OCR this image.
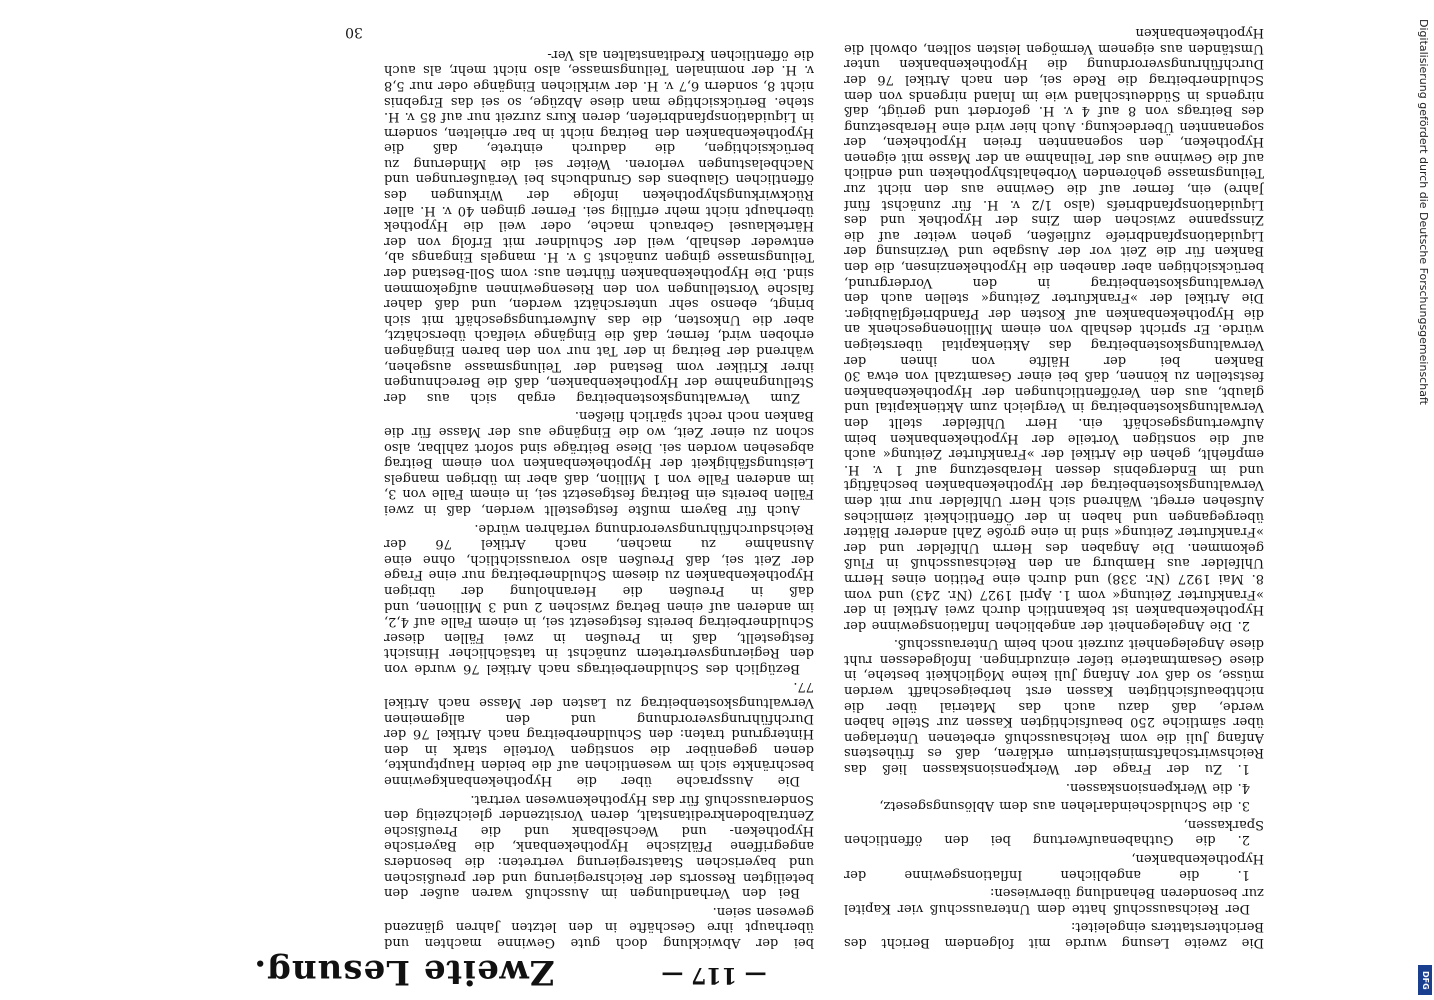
— 117 —
Zweite Lesung.

Die zweite Lesung wurde mit folgendem Bericht des Berichterstatters eingeleitet:

Der Reichsausschuß hatte dem Unterausschuß vier Kapitel zur besonderen Behandlung überwiesen:

1. die angeblichen Inflationsgewinne der Hypothekenbanken,

2. die Guthabenaufwertung bei den öffentlichen Sparkassen,

3. die Schuldscheindarlehen aus dem Ablösungsgesetz,

4. die Werkpensionskassen.

1. Zu der Frage der Werkpensionskassen ließ das Reichswirtschaftsministerium erklären, daß es frühestens Anfang Juli die vom Reichsausschuß erbetenen Unterlagen über sämtliche 250 beaufsichtigten Kassen zur Stelle haben werde, daß dazu auch das Material über die nichtbeaufsichtigten Kassen erst herbeigeschafft werden müsse, so daß vor Anfang Juli keine Möglichkeit bestehe, in diese Gesamtmaterie tiefer einzudringen. Infolgedessen ruht diese Angelegenheit zurzeit noch beim Unterausschuß.

2. Die Angelegenheit der angeblichen Inflationsgewinne der Hypothekenbanken ist bekanntlich durch zwei Artikel in der »Frankfurter Zeitung« vom 1. April 1927 (Nr. 243) und vom 8. Mai 1927 (Nr. 338) und durch eine Petition eines Herrn Uhlfelder aus Hamburg an den Reichsausschuß in Fluß gekommen. Die Angaben des Herrn Uhlfelder und der »Frankfurter Zeitung« sind in eine große Zahl anderer Blätter übergegangen und haben in der Öffentlichkeit ziemliches Aufsehen erregt. Während sich Herr Uhlfelder nur mit dem Verwaltungskostenbeitrag der Hypothekenbanken beschäftigt und im Endergebnis dessen Herabsetzung auf 1 v. H. empfiehlt, gehen die Artikel der »Frankfurter Zeitung« auch auf die sonstigen Vorteile der Hypothekenbanken beim Aufwertungsgeschäft ein. Herr Uhlfelder stellt den Verwaltungskostenbeitrag in Vergleich zum Aktienkapital und glaubt, aus den Veröffentlichungen der Hypothekenbanken feststellen zu können, daß bei einer Gesamtzahl von etwa 30 Banken bei der Hälfte von ihnen der Verwaltungskostenbeitrag das Aktienkapital übersteigen würde. Er spricht deshalb von einem Millionengeschenk an die Hypothekenbanken auf Kosten der Pfandbriefgläubiger. Die Artikel der »Frankfurter Zeitung« stellen auch den Verwaltungskostenbeitrag in den Vordergrund, berücksichtigen aber daneben die Hypothekenzinsen, die den Banken für die Zeit vor der Ausgabe und Verzinsung der Liquidationspfandbriefe zufließen, gehen weiter auf die Zinsspanne zwischen dem Zins der Hypothek und des Liquidationspfandbriefs (also 1/2 v. H. für zunächst fünf Jahre) ein, ferner auf die Gewinne aus den nicht zur Teilungsmasse gehörenden Vorbehaltshypotheken und endlich auf die Gewinne aus der Teilnahme an der Masse mit eigenen Hypotheken, den sogenannten freien Hypotheken, der sogenannten Überdeckung. Auch hier wird eine Herabsetzung des Beitrags von 8 auf 4 v. H. gefordert und gerügt, daß nirgends in Süddeutschland wie im Inland nirgends von dem Schuldnerbeitrag die Rede sei, den nach Artikel 76 der Durchführungsverordnung die Hypothekenbanken unter Umständen aus eigenem Vermögen leisten sollten, obwohl die Hypothekenbanken

bei der Abwicklung doch gute Gewinne machten und überhaupt ihre Geschäfte in den letzten Jahren glänzend gewesen seien.

Bei den Verhandlungen im Ausschuß waren außer den beteiligten Ressorts der Reichsregierung und der preußischen und bayerischen Staatsregierung vertreten: die besonders angegriffene Pfälzische Hypothekenbank, die Bayerische Hypotheken- und Wechselbank und die Preußische Zentralbodenkreditanstalt, deren Vorsitzender gleichzeitig den Sonderausschuß für das Hypothekenwesen vertrat.

Die Aussprache über die Hypothekenbankgewinne beschränkte sich im wesentlichen auf die beiden Hauptpunkte, denen gegenüber die sonstigen Vorteile stark in den Hintergrund traten: den Schuldnerbeitrag nach Artikel 76 der Durchführungsverordnung und den allgemeinen Verwaltungskostenbeitrag zu Lasten der Masse nach Artikel 77.

Bezüglich des Schuldnerbeitrags nach Artikel 76 wurde von den Regierungsvertretern zunächst in tatsächlicher Hinsicht festgestellt, daß in Preußen in zwei Fällen dieser Schuldnerbeitrag bereits festgesetzt sei, in einem Falle auf 4,2, im anderen auf einen Betrag zwischen 2 und 3 Millionen, und daß in Preußen die Heranholung der übrigen Hypothekenbanken zu diesem Schuldnerbeitrag nur eine Frage der Zeit sei, daß Preußen also voraussichtlich, ohne eine Ausnahme zu machen, nach Artikel 76 der Reichsdurchführungsverordnung verfahren würde.

Auch für Bayern mußte festgestellt werden, daß in zwei Fällen bereits ein Beitrag festgesetzt sei, in einem Falle von 3, im anderen Falle von 1 Million, daß aber im übrigen mangels Leistungsfähigkeit der Hypothekenbanken von einem Beitrag abgesehen worden sei. Diese Beiträge sind sofort zahlbar, also schon zu einer Zeit, wo die Eingänge aus der Masse für die Banken noch recht spärlich fließen.

Zum Verwaltungskostenbeitrag ergab sich aus der Stellungnahme der Hypothekenbanken, daß die Berechnungen ihrer Kritiker vom Bestand der Teilungsmasse ausgehen, während der Beitrag in der Tat nur von den baren Eingängen erhoben wird, ferner, daß die Eingänge vielfach überschätzt, aber die Unkosten, die das Aufwertungsgeschäft mit sich bringt, ebenso sehr unterschätzt werden, und daß daher falsche Vorstellungen von den Riesengewinnen aufgekommen sind. Die Hypothekenbanken führten aus: vom Soll-Bestand der Teilungsmasse gingen zunächst 5 v. H. mangels Eingangs ab, entweder deshalb, weil der Schuldner mit Erfolg von der Härteklausel Gebrauch mache, oder weil die Hypothek überhaupt nicht mehr erfüllig sei. Ferner gingen 40 v. H. aller Rückwirkungshypotheken infolge der Wirkungen des öffentlichen Glaubens des Grundbuchs bei Veräußerungen und Nachbelastungen verloren. Weiter sei die Minderung zu berücksichtigen, die dadurch eintrete, daß die Hypothekenbanken den Beitrag nicht in bar erhielten, sondern in Liquidationspfandbriefen, deren Kurs zurzeit nur auf 85 v. H. stehe. Berücksichtige man diese Abzüge, so sei das Ergebnis nicht 8, sondern 6,7 v. H. der wirklichen Eingänge oder nur 5,8 v. H. der nominalen Teilungsmasse, also nicht mehr, als auch die öffentlichen Kreditanstalten als Ver-

30	Digitalisierung gefördert durch die Deutsche Forschungsgemeinschaft
DFG
